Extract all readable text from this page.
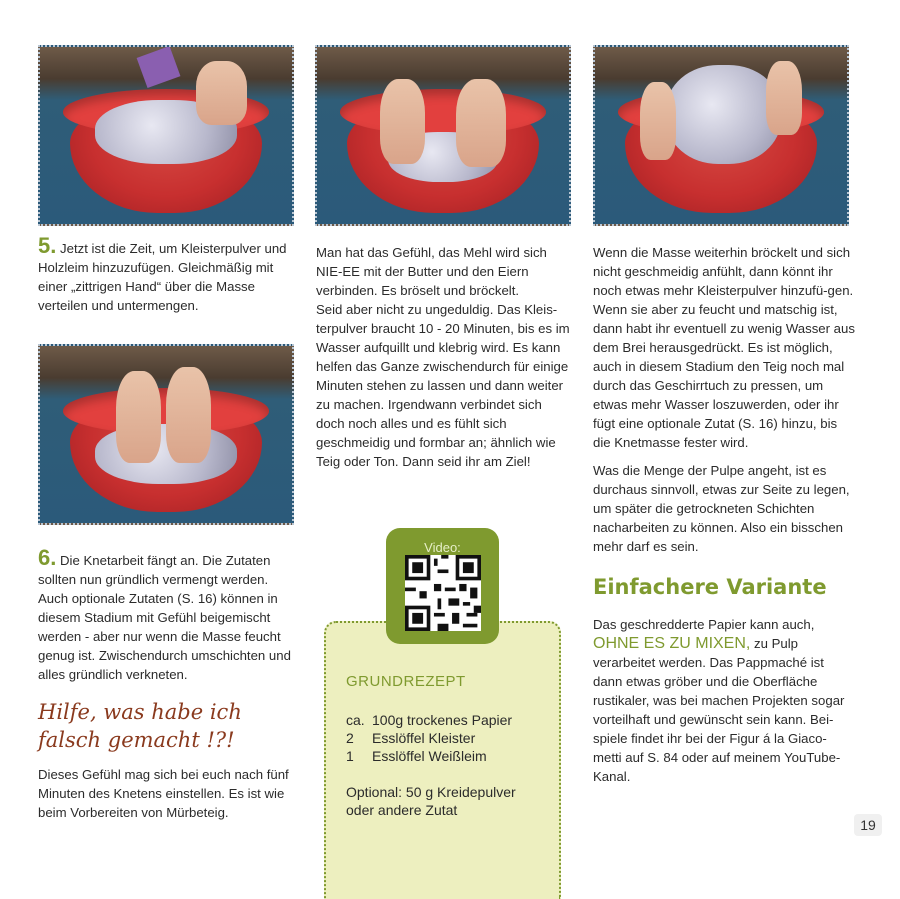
5. Jetzt ist die Zeit, um Kleisterpulver und Holzleim hinzuzufügen. Gleichmäßig mit einer „zittrigen Hand“ über die Masse verteilen und untermengen.

Man hat das Gefühl, das Mehl wird sich NIE-EE mit der Butter und den Eiern verbinden. Es bröselt und bröckelt.

Seid aber nicht zu ungeduldig. Das Kleis-terpulver braucht 10 - 20 Minuten, bis es im Wasser aufquillt und klebrig wird. Es kann helfen das Ganze zwischendurch für einige Minuten stehen zu lassen und dann weiter zu machen. Irgendwann verbindet sich doch noch alles und es fühlt sich geschmeidig und formbar an; ähnlich wie Teig oder Ton. Dann seid ihr am Ziel!

Wenn die Masse weiterhin bröckelt und sich nicht geschmeidig anfühlt, dann könnt ihr noch etwas mehr Kleisterpulver hinzufü-gen. Wenn sie aber zu feucht und matschig ist, dann habt ihr eventuell zu wenig Wasser aus dem Brei herausgedrückt. Es ist möglich, auch in diesem Stadium den Teig noch mal durch das Geschirrtuch zu pressen, um etwas mehr Wasser loszuwerden, oder ihr fügt eine optionale Zutat (S. 16) hinzu, bis die Knetmasse fester wird.

Was die Menge der Pulpe angeht, ist es durchaus sinnvoll, etwas zur Seite zu legen, um später die getrockneten Schichten nacharbeiten zu können. Also ein bisschen mehr darf es sein.

6. Die Knetarbeit fängt an. Die Zutaten sollten nun gründlich vermengt werden. Auch optionale Zutaten (S. 16) können in diesem Stadium mit Gefühl beigemischt werden - aber nur wenn die Masse feucht genug ist. Zwischendurch umschichten und alles gründlich verkneten.

Hilfe, was habe ich
falsch gemacht !?!

Dieses Gefühl mag sich bei euch nach fünf Minuten des Knetens einstellen. Es ist wie beim Vorbereiten von Mürbeteig.

GRUNDREZEPT
ca. 100g trockenes Papier
2 Esslöffel Kleister
1 Esslöffel Weißleim
Optional: 50 g Kreidepulver oder andere Zutat
Video:
Einfachere Variante

Das geschredderte Papier kann auch,
OHNE ES ZU MIXEN, zu Pulp verarbeitet werden. Das Pappmaché ist dann etwas gröber und die Oberfläche rustikaler, was bei machen Projekten sogar vorteilhaft und gewünscht sein kann. Bei-spiele findet ihr bei der Figur á la Giaco-metti auf S. 84 oder auf meinem YouTube-Kanal.

19
